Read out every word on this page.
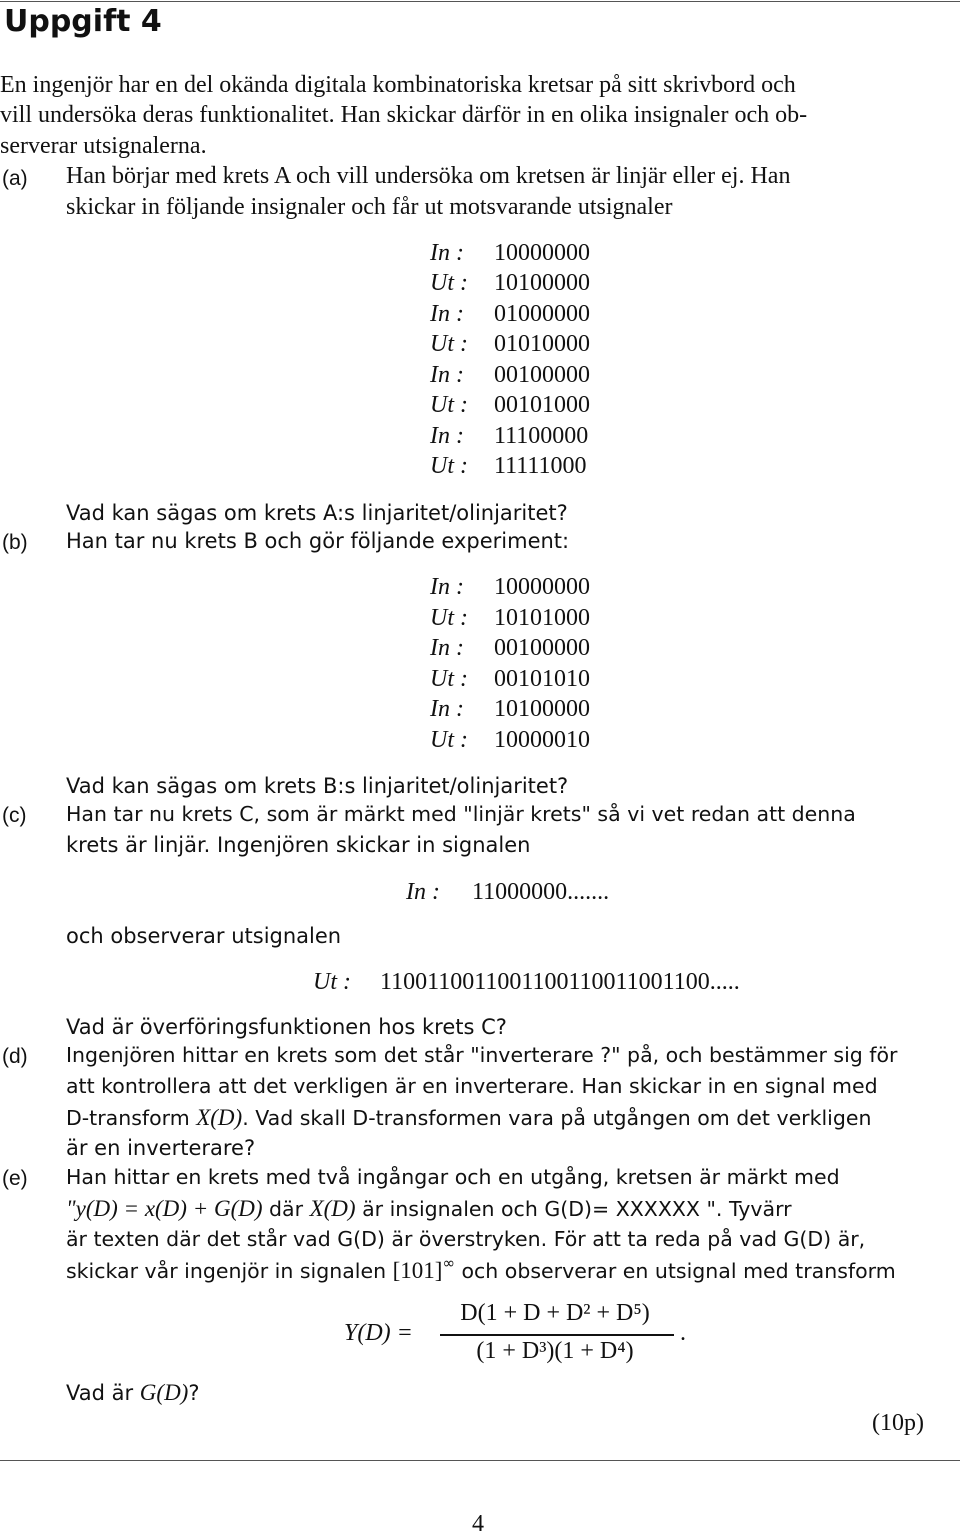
Uppgift 4
En ingenjör har en del okända digitala kombinatoriska kretsar på sitt skrivbord och
vill undersöka deras funktionalitet. Han skickar därför in en olika insignaler och ob-
serverar utsignalerna.
(a) Han börjar med krets A och vill undersöka om kretsen är linjär eller ej. Han
skickar in följande insignaler och får ut motsvarande utsignaler
In : 10000000
Ut : 10100000
In : 01000000
Ut : 01010000
In : 00100000
Ut : 00101000
In : 11100000
Ut : 11111000
Vad kan sägas om krets A:s linjaritet/olinjaritet?
(b) Han tar nu krets B och gör följande experiment:
In : 10000000
Ut : 10101000
In : 00100000
Ut : 00101010
In : 10100000
Ut : 10000010
Vad kan sägas om krets B:s linjaritet/olinjaritet?
(c) Han tar nu krets C, som är märkt med "linjär krets" så vi vet redan att denna
krets är linjär. Ingenjören skickar in signalen
In : 11000000.......
och observerar utsignalen
Ut : 1100110011001100110011001100.....
Vad är överföringsfunktionen hos krets C?
(d) Ingenjören hittar en krets som det står "inverterare ?" på, och bestämmer sig för
att kontrollera att det verkligen är en inverterare. Han skickar in en signal med
D-transform X(D). Vad skall D-transformen vara på utgången om det verkligen
är en inverterare?
(e) Han hittar en krets med två ingångar och en utgång, kretsen är märkt med
"y(D) = x(D) + G(D) där X(D) är insignalen och G(D)= XXXXXX ". Tyvärr
är texten där det står vad G(D) är överstryken. För att ta reda på vad G(D) är,
skickar vår ingenjör in signalen [101]∞ och observerar en utsignal med transform
Y(D) =
D(1 + D + D² + D⁵)
(1 + D³)(1 + D⁴)
.
Vad är G(D)?
(10p)
4
